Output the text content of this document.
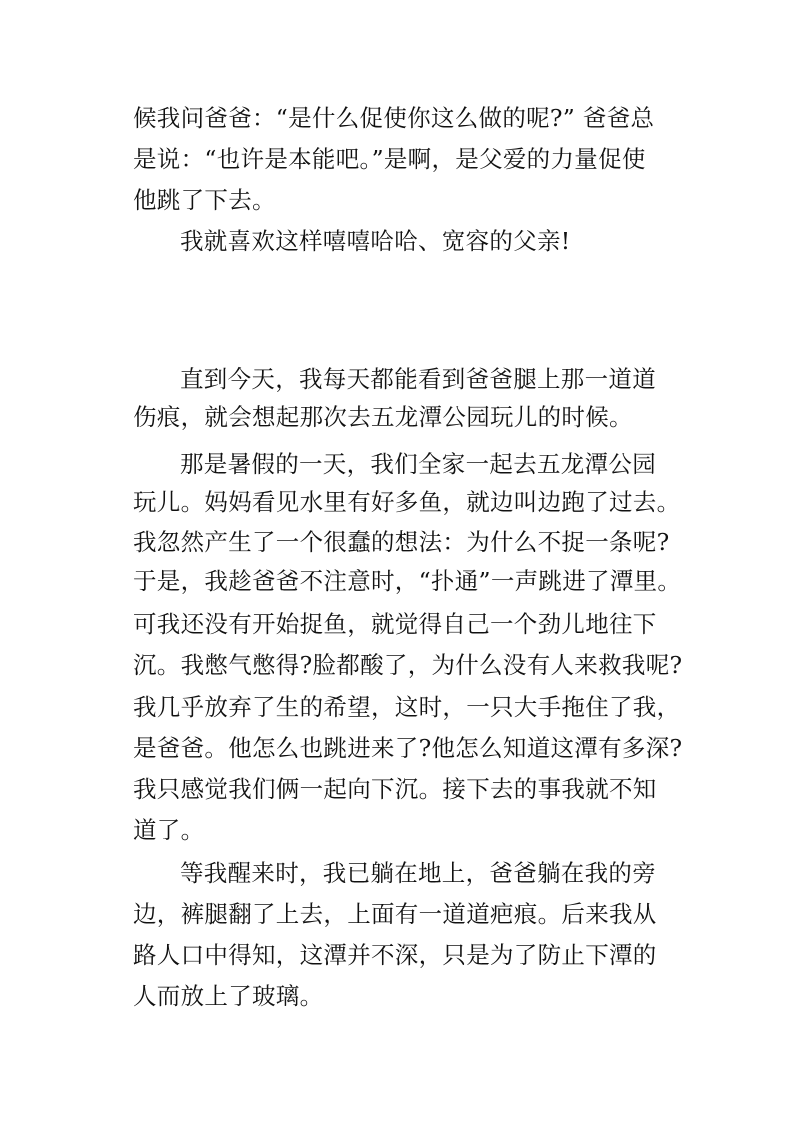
候我问爸爸：“是什么促使你这么做的呢?” 爸爸总
是说：“也许是本能吧。”是啊，是父爱的力量促使
他跳了下去。
我就喜欢这样嘻嘻哈哈、宽容的父亲!
直到今天，我每天都能看到爸爸腿上那一道道
伤痕，就会想起那次去五龙潭公园玩儿的时候。
那是暑假的一天，我们全家一起去五龙潭公园
玩儿。妈妈看见水里有好多鱼，就边叫边跑了过去。
我忽然产生了一个很蠢的想法：为什么不捉一条呢?
于是，我趁爸爸不注意时，“扑通”一声跳进了潭里。
可我还没有开始捉鱼，就觉得自己一个劲儿地往下
沉。我憋气憋得?脸都酸了，为什么没有人来救我呢?
我几乎放弃了生的希望，这时，一只大手拖住了我，
是爸爸。他怎么也跳进来了?他怎么知道这潭有多深?
我只感觉我们俩一起向下沉。接下去的事我就不知
道了。
等我醒来时，我已躺在地上，爸爸躺在我的旁
边，裤腿翻了上去，上面有一道道疤痕。后来我从
路人口中得知，这潭并不深，只是为了防止下潭的
人而放上了玻璃。
